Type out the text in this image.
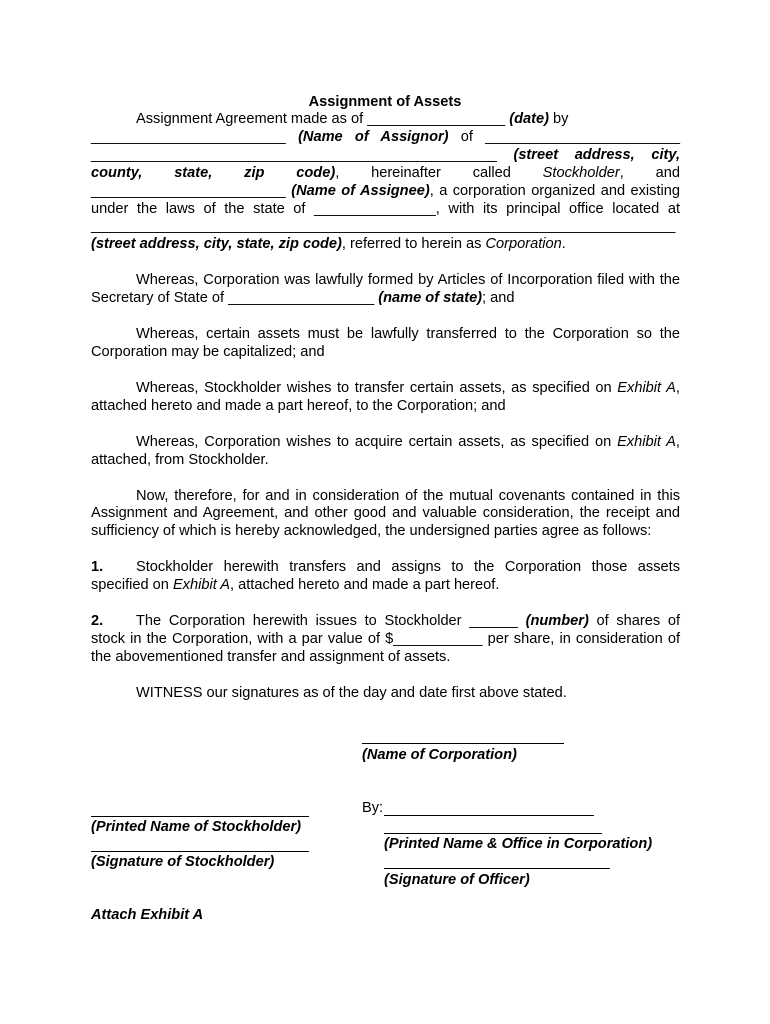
Assignment of Assets

Assignment Agreement made as of _________________ (date) by
________________________ (Name of Assignor) of ________________________ __________________________________________________ (street address, city, county, state, zip code), hereinafter called Stockholder, and ________________________ (Name of Assignee), a corporation organized and existing under the laws of the state of _______________, with its principal office located at ________________________________________________________________________ (street address, city, state, zip code), referred to herein as Corporation.

Whereas, Corporation was lawfully formed by Articles of Incorporation filed with the Secretary of State of __________________ (name of state); and

Whereas, certain assets must be lawfully transferred to the Corporation so the Corporation may be capitalized; and

Whereas, Stockholder wishes to transfer certain assets, as specified on Exhibit A, attached hereto and made a part hereof, to the Corporation; and

Whereas, Corporation wishes to acquire certain assets, as specified on Exhibit A, attached, from Stockholder.

Now, therefore, for and in consideration of the mutual covenants contained in this Assignment and Agreement, and other good and valuable consideration, the receipt and sufficiency of which is hereby acknowledged, the undersigned parties agree as follows:

1. Stockholder herewith transfers and assigns to the Corporation those assets specified on Exhibit A, attached hereto and made a part hereof.

2. The Corporation herewith issues to Stockholder ______ (number) of shares of stock in the Corporation, with a par value of $___________ per share, in consideration of the abovementioned transfer and assignment of assets.

WITNESS our signatures as of the day and date first above stated.

(Name of Corporation)
By:
(Printed Name of Stockholder)
(Printed Name & Office in Corporation)
(Signature of Stockholder)
(Signature of Officer)
Attach Exhibit A
